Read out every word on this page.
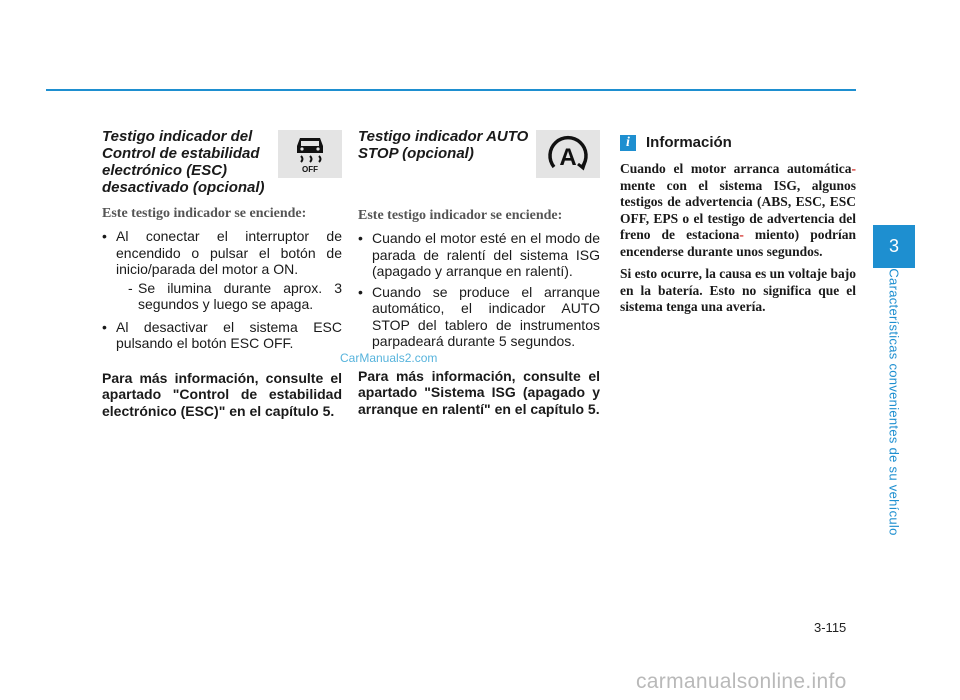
Testigo indicador del Control de estabilidad electrónico (ESC) desactivado (opcional)

OFF
Este testigo indicador se enciende:
• Al conectar el interruptor de encendido o pulsar el botón de inicio/parada del motor a ON.
- Se ilumina durante aprox. 3 segundos y luego se apaga.
• Al desactivar el sistema ESC pulsando el botón ESC OFF.
Para más información, consulte el apartado "Control de estabilidad electrónico (ESC)" en el capítulo 5.

Testigo indicador AUTO STOP (opcional)	A
Este testigo indicador se enciende:
• Cuando el motor esté en el modo de parada de ralentí del sistema ISG (apagado y arranque en ralentí).
• Cuando se produce el arranque automático, el indicador AUTO STOP del tablero de instrumentos parpadeará durante 5 segundos.
Para más información, consulte el apartado "Sistema ISG (apagado y arranque en ralentí" en el capítulo 5.
i	Información

Cuando el motor arranca automática- mente con el sistema ISG, algunos testigos de advertencia (ABS, ESC, ESC OFF, EPS o el testigo de advertencia del freno de estaciona- miento) podrían encenderse durante unos segundos.

Si esto ocurre, la causa es un voltaje bajo en la batería. Esto no significa que el sistema tenga una avería.

3
Características convenientes de su vehículo
3-115
CarManuals2.com
carmanualsonline.info
